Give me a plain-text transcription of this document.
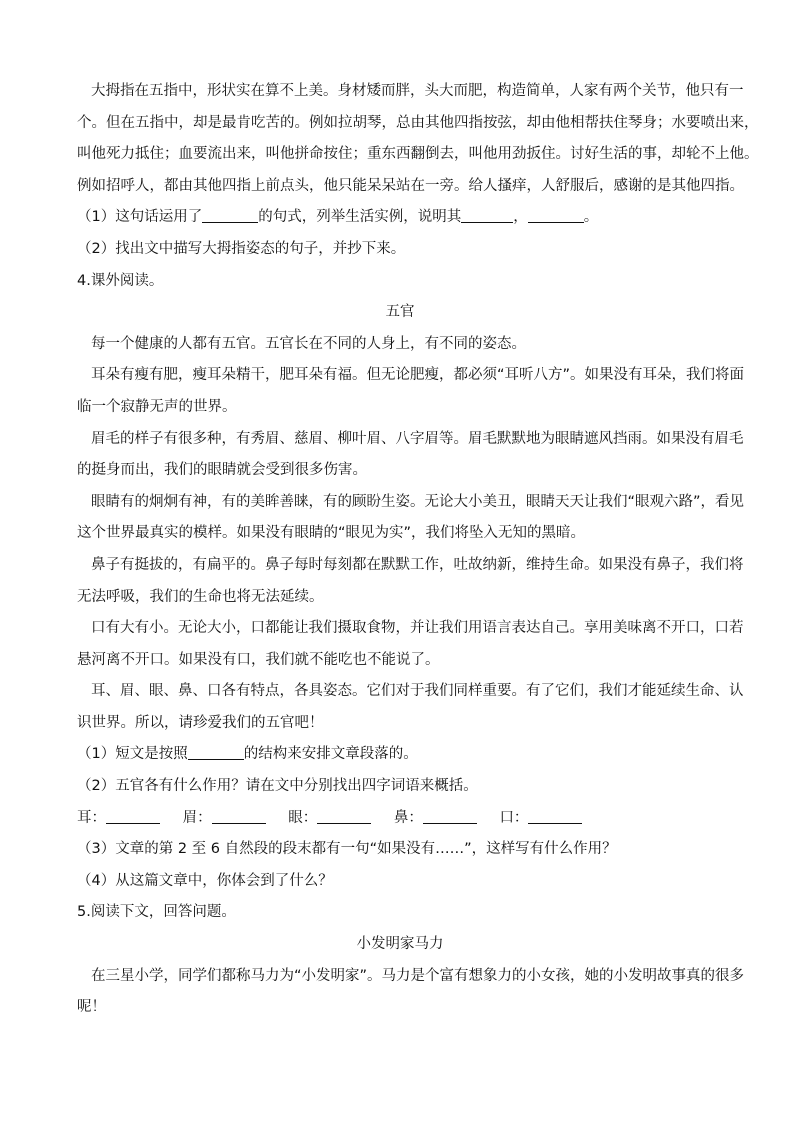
大拇指在五指中，形状实在算不上美。身材矮而胖，头大而肥，构造简单，人家有两个关节，他只有一
个。但在五指中，却是最肯吃苦的。例如拉胡琴，总由其他四指按弦，却由他相帮扶住琴身；水要喷出来，
叫他死力抵住；血要流出来，叫他拼命按住；重东西翻倒去，叫他用劲扳住。讨好生活的事，却轮不上他。
例如招呼人，都由其他四指上前点头，他只能呆呆站在一旁。给人搔痒，人舒服后，感谢的是其他四指。
（1）这句话运用了	的句式，列举生活实例，说明其	，	。
（2）找出文中描写大拇指姿态的句子，并抄下来。
4.课外阅读。
五官
每一个健康的人都有五官。五官长在不同的人身上，有不同的姿态。
耳朵有瘦有肥，瘦耳朵精干，肥耳朵有福。但无论肥瘦，都必须“耳听八方”。如果没有耳朵，我们将面
临一个寂静无声的世界。
眉毛的样子有很多种，有秀眉、慈眉、柳叶眉、八字眉等。眉毛默默地为眼睛遮风挡雨。如果没有眉毛
的挺身而出，我们的眼睛就会受到很多伤害。
眼睛有的炯炯有神，有的美眸善睐，有的顾盼生姿。无论大小美丑，眼睛天天让我们“眼观六路”，看见
这个世界最真实的模样。如果没有眼睛的“眼见为实”，我们将坠入无知的黑暗。
鼻子有挺拔的，有扁平的。鼻子每时每刻都在默默工作，吐故纳新，维持生命。如果没有鼻子，我们将
无法呼吸，我们的生命也将无法延续。
口有大有小。无论大小，口都能让我们摄取食物，并让我们用语言表达自己。享用美味离不开口，口若
悬河离不开口。如果没有口，我们就不能吃也不能说了。
耳、眉、眼、鼻、口各有特点，各具姿态。它们对于我们同样重要。有了它们，我们才能延续生命、认
识世界。所以，请珍爱我们的五官吧！
（1）短文是按照	的结构来安排文章段落的。
（2）五官各有什么作用？请在文中分别找出四字词语来概括。
耳：	眉：	眼：	鼻：	口：
（3）文章的第 2 至 6 自然段的段末都有一句“如果没有……”，这样写有什么作用？
（4）从这篇文章中，你体会到了什么？
5.阅读下文，回答问题。
小发明家马力
在三星小学，同学们都称马力为“小发明家”。马力是个富有想象力的小女孩，她的小发明故事真的很多
呢！
